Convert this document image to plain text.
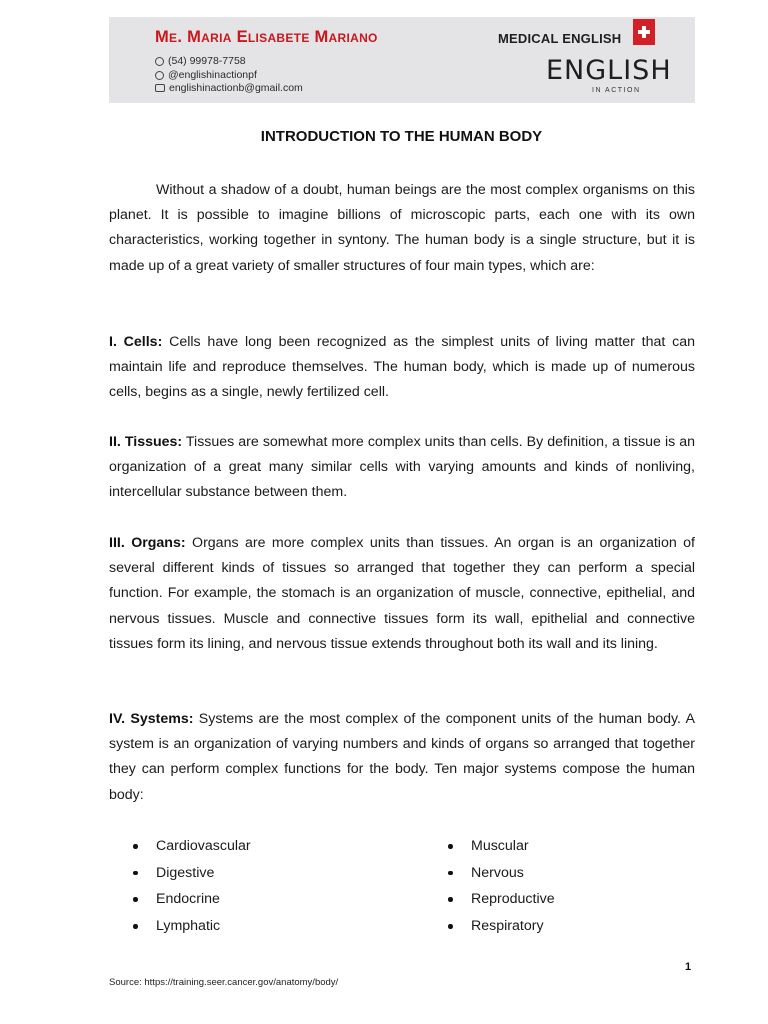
Me. Maria Elisabete Mariano
(54) 99978-7758
@englishinactionpf
englishinactionb@gmail.com
MEDICAL ENGLISH
ENGLISH
IN ACTION
INTRODUCTION TO THE HUMAN BODY

Without a shadow of a doubt, human beings are the most complex organisms on this planet. It is possible to imagine billions of microscopic parts, each one with its own characteristics, working together in syntony. The human body is a single structure, but it is made up of a great variety of smaller structures of four main types, which are:

I. Cells: Cells have long been recognized as the simplest units of living matter that can maintain life and reproduce themselves. The human body, which is made up of numerous cells, begins as a single, newly fertilized cell.

II. Tissues: Tissues are somewhat more complex units than cells. By definition, a tissue is an organization of a great many similar cells with varying amounts and kinds of nonliving, intercellular substance between them.

III. Organs: Organs are more complex units than tissues. An organ is an organization of several different kinds of tissues so arranged that together they can perform a special function. For example, the stomach is an organization of muscle, connective, epithelial, and nervous tissues. Muscle and connective tissues form its wall, epithelial and connective tissues form its lining, and nervous tissue extends throughout both its wall and its lining.

IV. Systems: Systems are the most complex of the component units of the human body. A system is an organization of varying numbers and kinds of organs so arranged that together they can perform complex functions for the body. Ten major systems compose the human body:

Cardiovascular
Digestive
Endocrine
Lymphatic
Muscular
Nervous
Reproductive
Respiratory
1
Source: https://training.seer.cancer.gov/anatomy/body/
